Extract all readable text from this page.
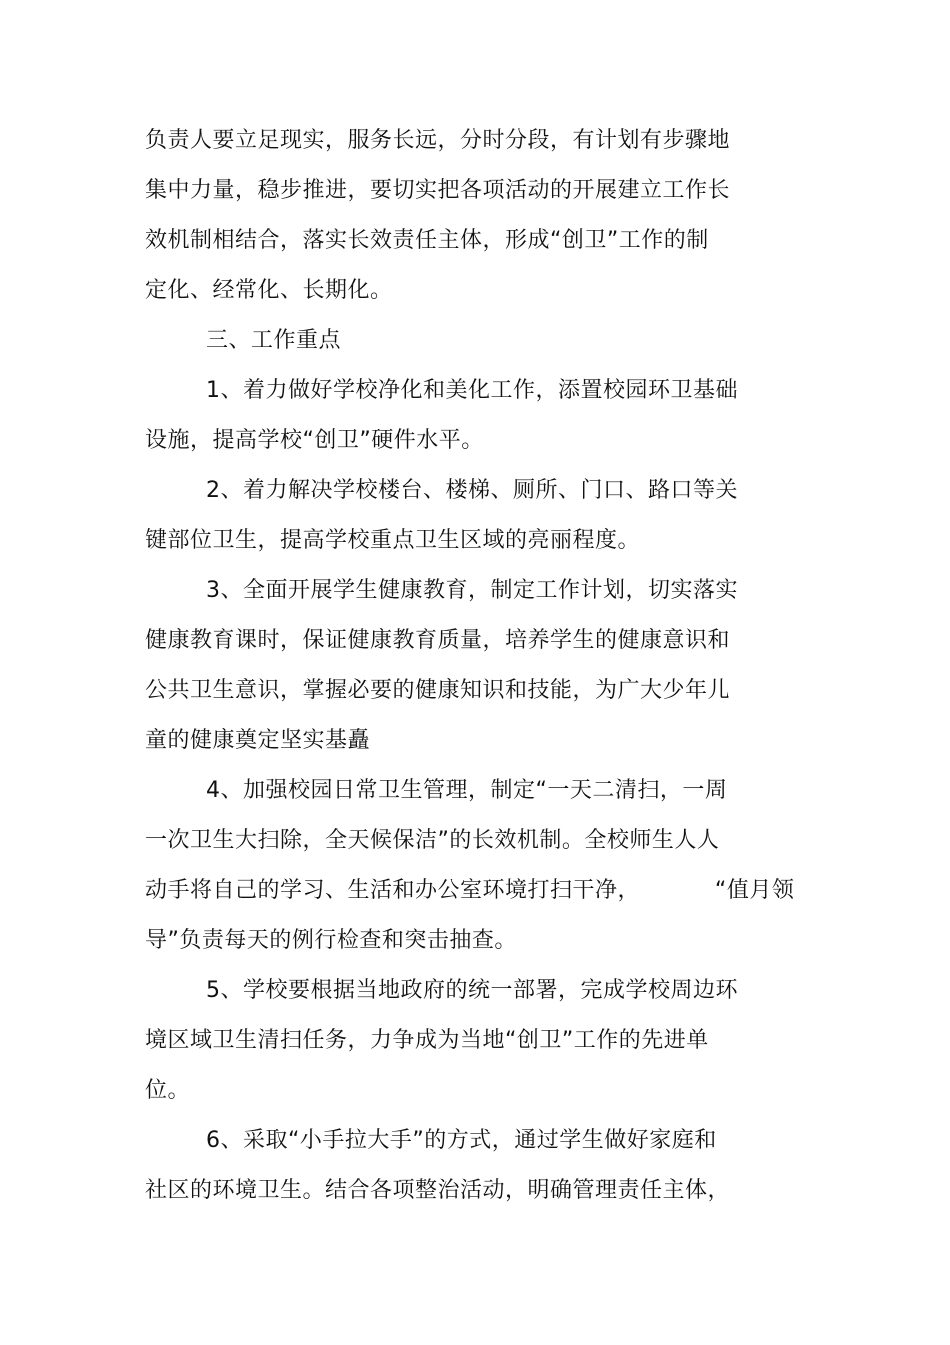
负责人要立足现实，服务长远，分时分段，有计划有步骤地
集中力量，稳步推进，要切实把各项活动的开展建立工作长
效机制相结合，落实长效责任主体，形成“创卫”工作的制
定化、经常化、长期化。
三、工作重点
1、着力做好学校净化和美化工作，添置校园环卫基础
设施，提高学校“创卫”硬件水平。
2、着力解决学校楼台、楼梯、厕所、门口、路口等关
键部位卫生，提高学校重点卫生区域的亮丽程度。
3、全面开展学生健康教育，制定工作计划，切实落实
健康教育课时，保证健康教育质量，培养学生的健康意识和
公共卫生意识，掌握必要的健康知识和技能，为广大少年儿
童的健康奠定坚实基矗
4、加强校园日常卫生管理，制定“一天二清扫，一周
一次卫生大扫除，全天候保洁”的长效机制。全校师生人人
动手将自己的学习、生活和办公室环境打扫干净，          “值月领
导”负责每天的例行检查和突击抽查。
5、学校要根据当地政府的统一部署，完成学校周边环
境区域卫生清扫任务，力争成为当地“创卫”工作的先进单
位。
6、采取“小手拉大手”的方式，通过学生做好家庭和
社区的环境卫生。结合各项整治活动，明确管理责任主体，
